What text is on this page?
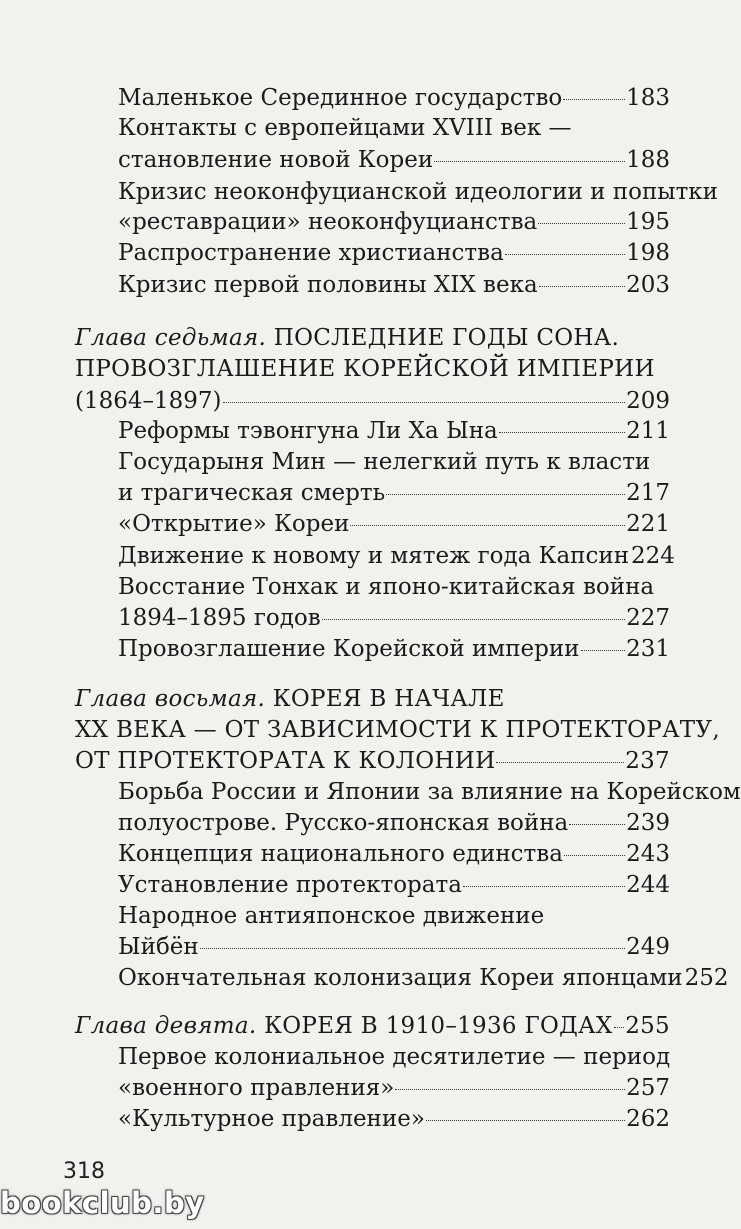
Маленькое Серединное государство	183
Контакты с европейцами XVIII век —
становление новой Кореи	188
Кризис неоконфуцианской идеологии и попытки
«реставрации» неоконфуцианства	195
Распространение христианства	198
Кризис первой половины XIX века	203
Глава седьмая. ПОСЛЕДНИЕ ГОДЫ СОНА.
ПРОВОЗГЛАШЕНИЕ КОРЕЙСКОЙ ИМПЕРИИ
(1864–1897)	209
Реформы тэвонгуна Ли Ха Ына	211
Государыня Мин — нелегкий путь к власти
и трагическая смерть	217
«Открытие» Кореи	221
Движение к новому и мятеж года Капсин 224
Восстание Тонхак и японо-китайская война
1894–1895 годов	227
Провозглашение Корейской империи 231
Глава восьмая. КОРЕЯ В НАЧАЛЕ
XX ВЕКА — ОТ ЗАВИСИМОСТИ К ПРОТЕКТОРАТУ,
ОТ ПРОТЕКТОРАТА К КОЛОНИИ	237
Борьба России и Японии за влияние на Корейском
полуострове. Русско-японская война	239
Концепция национального единства	243
Установление протектората	244
Народное антияпонское движение
Ыйбён	249
Окончательная колонизация Кореи японцами 252
Глава девята. КОРЕЯ В 1910–1936 ГОДАХ 255
Первое колониальное десятилетие — период
«военного правления»	257
«Культурное правление»	262
318
bookclub.by
